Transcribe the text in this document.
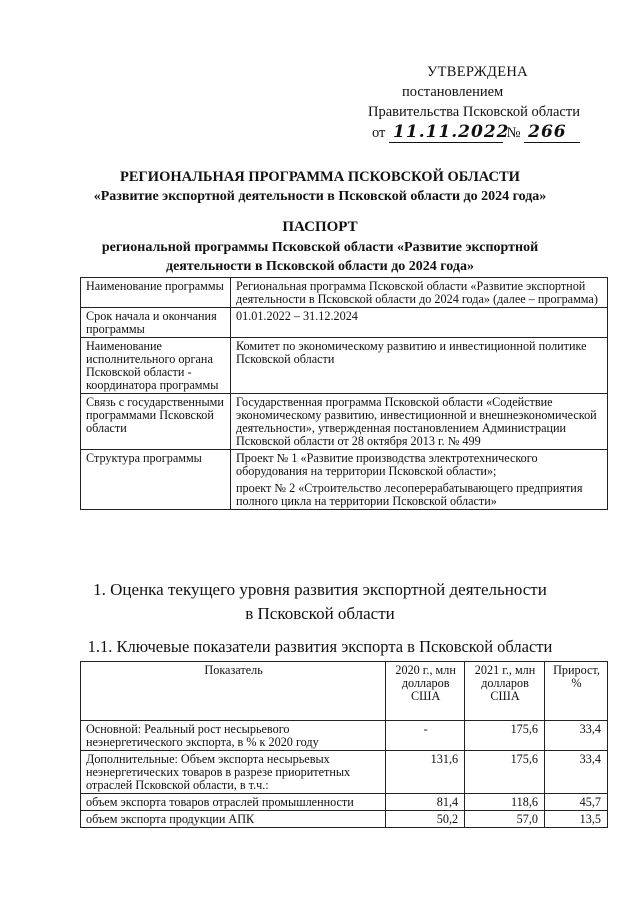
УТВЕРЖДЕНА
постановлением
Правительства Псковской области
от 11.11.2022 № 266
РЕГИОНАЛЬНАЯ ПРОГРАММА ПСКОВСКОЙ ОБЛАСТИ
«Развитие экспортной деятельности в Псковской области до 2024 года»
ПАСПОРТ
региональной программы Псковской области «Развитие экспортной деятельности в Псковской области до 2024 года»
Наименование программы	Региональная программа Псковской области «Развитие экспортной деятельности в Псковской области до 2024 года» (далее – программа)

Срок начала и окончания программы	01.01.2022 – 31.12.2024

Наименование исполнительного органа Псковской области - координатора программы	Комитет по экономическому развитию и инвестиционной политике Псковской области

Связь с государственными программами Псковской области	Государственная программа Псковской области «Содействие экономическому развитию, инвестиционной и внешнеэкономической деятельности», утвержденная постановлением Администрации Псковской области от 28 октября 2013 г. № 499

Структура программы	Проект № 1 «Развитие производства электротехнического оборудования на территории Псковской области»;

проект № 2 «Строительство лесоперерабатывающего предприятия полного цикла на территории Псковской области»

1. Оценка текущего уровня развития экспортной деятельности
в Псковской области
1.1. Ключевые показатели развития экспорта в Псковской области
Показатель	2020 г., млн долларов США	2021 г., млн долларов США	Прирост, %
Основной: Реальный рост несырьевого неэнергетического экспорта, в % к 2020 году	-	175,6	33,4
Дополнительные: Объем экспорта несырьевых неэнергетических товаров в разрезе приоритетных отраслей Псковской области, в т.ч.:	131,6	175,6	33,4
объем экспорта товаров отраслей промышленности	81,4	118,6	45,7
объем экспорта продукции АПК	50,2	57,0	13,5
